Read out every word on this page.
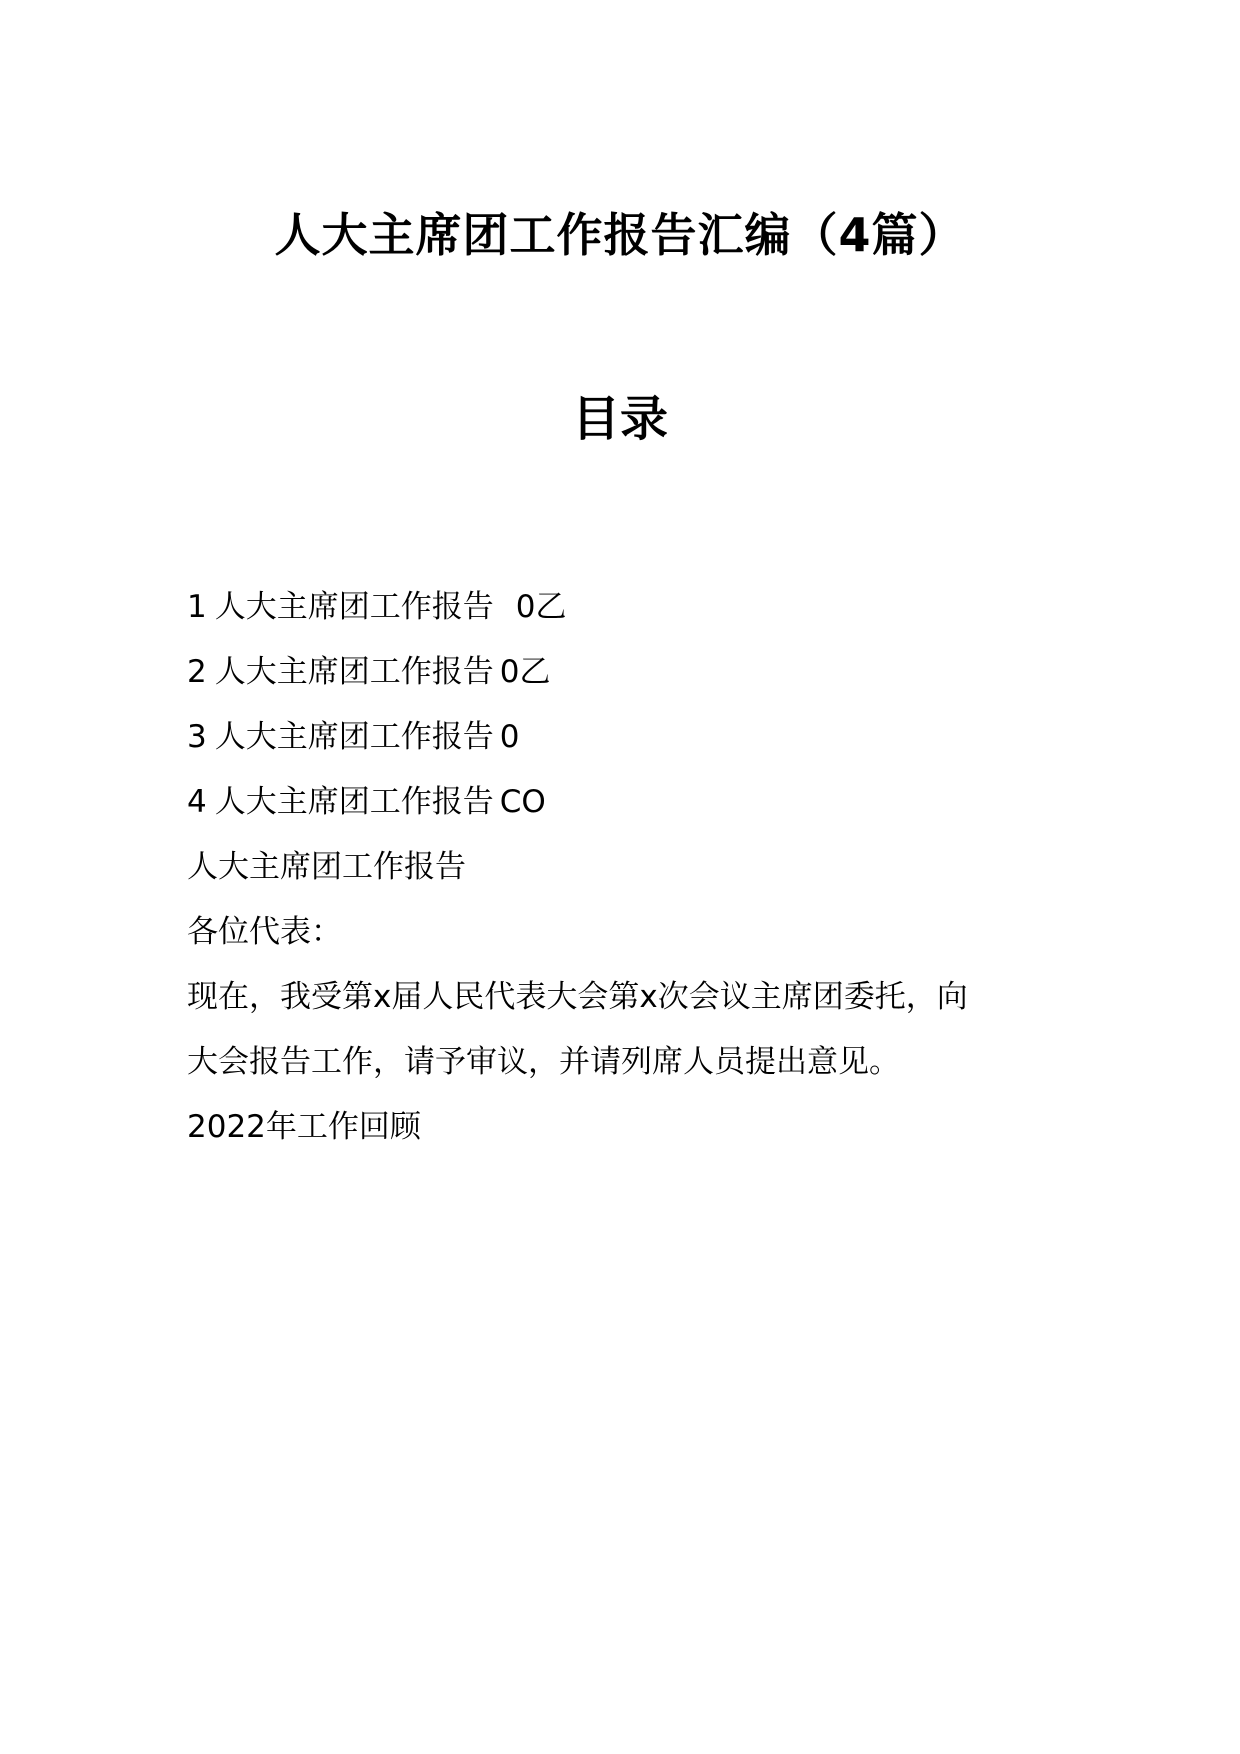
人大主席团工作报告汇编（4篇）
目录
1 人大主席团工作报告 0乙
2 人大主席团工作报告 0乙
3 人大主席团工作报告 0
4 人大主席团工作报告 CO
人大主席团工作报告
各位代表：
现在，我受第x届人民代表大会第x次会议主席团委托，向
大会报告工作，请予审议，并请列席人员提出意见。
2022年工作回顾
